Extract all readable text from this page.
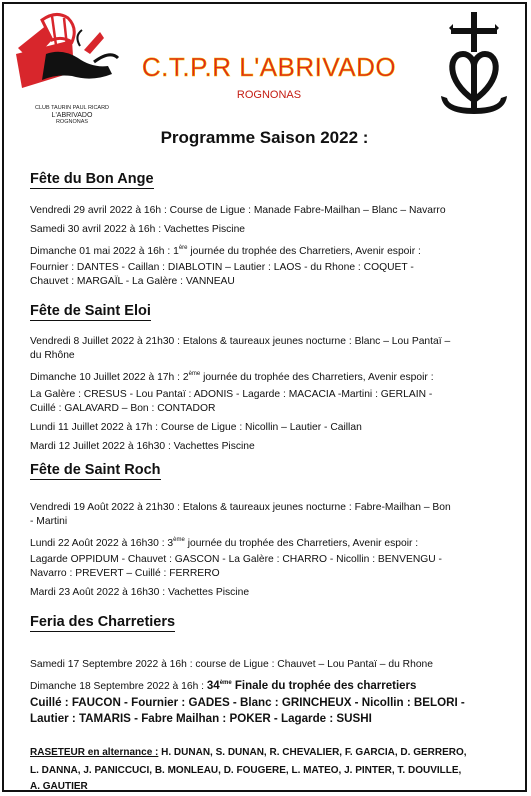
CLUB TAURIN PAUL RICARD
L'ABRIVADO
ROGNONAS
C.T.P.R L'ABRIVADO
ROGNONAS
Programme Saison 2022 :
Fête du Bon Ange
Vendredi 29 avril 2022 à 16h : Course de Ligue : Manade Fabre-Mailhan – Blanc – Navarro
Samedi 30 avril 2022 à 16h : Vachettes Piscine
Dimanche 01 mai 2022 à 16h : 1ère journée du trophée des Charretiers, Avenir espoir :
Fournier : DANTES - Caillan : DIABLOTIN – Lautier : LAOS - du Rhone : COQUET -
Chauvet : MARGAÏL - La Galère : VANNEAU
Fête de Saint Eloi
Vendredi 8 Juillet 2022 à 21h30 : Etalons & taureaux jeunes nocturne : Blanc – Lou Pantaï –
du Rhône
Dimanche 10 Juillet 2022 à 17h : 2ème journée du trophée des Charretiers, Avenir espoir :
La Galère : CRESUS - Lou Pantaï : ADONIS - Lagarde : MACACIA -Martini : GERLAIN -
Cuillé : GALAVARD – Bon : CONTADOR
Lundi 11 Juillet 2022 à 17h : Course de Ligue : Nicollin – Lautier - Caillan
Mardi 12 Juillet 2022 à 16h30 : Vachettes Piscine
Fête de Saint Roch
Vendredi 19 Août 2022 à 21h30 : Etalons & taureaux jeunes nocturne : Fabre-Mailhan – Bon
- Martini
Lundi 22 Août 2022 à 16h30 : 3ème journée du trophée des Charretiers, Avenir espoir :
Lagarde OPPIDUM - Chauvet : GASCON - La Galère : CHARRO - Nicollin : BENVENGU -
Navarro : PREVERT – Cuillé : FERRERO
Mardi 23 Août 2022 à 16h30 : Vachettes Piscine
Feria des Charretiers
Samedi 17 Septembre 2022 à 16h : course de Ligue : Chauvet – Lou Pantaï – du Rhone
Dimanche 18 Septembre 2022 à 16h : 34ème Finale du trophée des charretiers
Cuillé : FAUCON - Fournier : GADES - Blanc : GRINCHEUX - Nicollin : BELORI -
Lautier : TAMARIS - Fabre Mailhan : POKER - Lagarde : SUSHI
RASETEUR en alternance : H. DUNAN, S. DUNAN, R. CHEVALIER, F. GARCIA, D. GERRERO,
L. DANNA, J. PANICCUCI, B. MONLEAU, D. FOUGERE, L. MATEO, J. PINTER, T. DOUVILLE,
A. GAUTIER
